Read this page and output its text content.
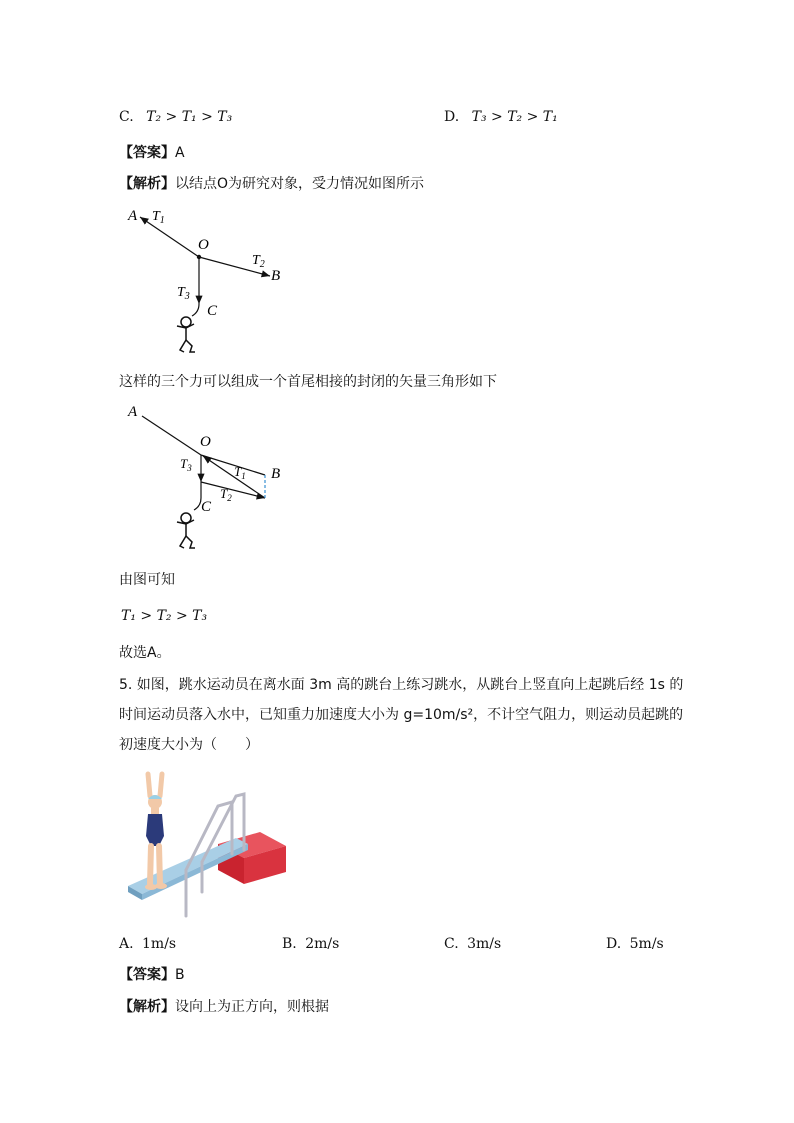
C. T₂ > T₁ > T₃	D. T₃ > T₂ > T₁
【答案】A
【解析】以结点O为研究对象，受力情况如图所示
A $T_1$
O
$T_2$
B
$T_3$
C
这样的三个力可以组成一个首尾相接的封闭的矢量三角形如下
A
O
B
$T_3$	$T_1$
$T_2$
C
由图可知
T₁ > T₂ > T₃
故选A。
5. 如图，跳水运动员在离水面 3m 高的跳台上练习跳水，从跳台上竖直向上起跳后经 1s 的
时间运动员落入水中，已知重力加速度大小为 g=10m/s²，不计空气阻力，则运动员起跳的
初速度大小为（　　）
A. 1m/s	B. 2m/s	C. 3m/s	D. 5m/s
【答案】B
【解析】设向上为正方向，则根据
